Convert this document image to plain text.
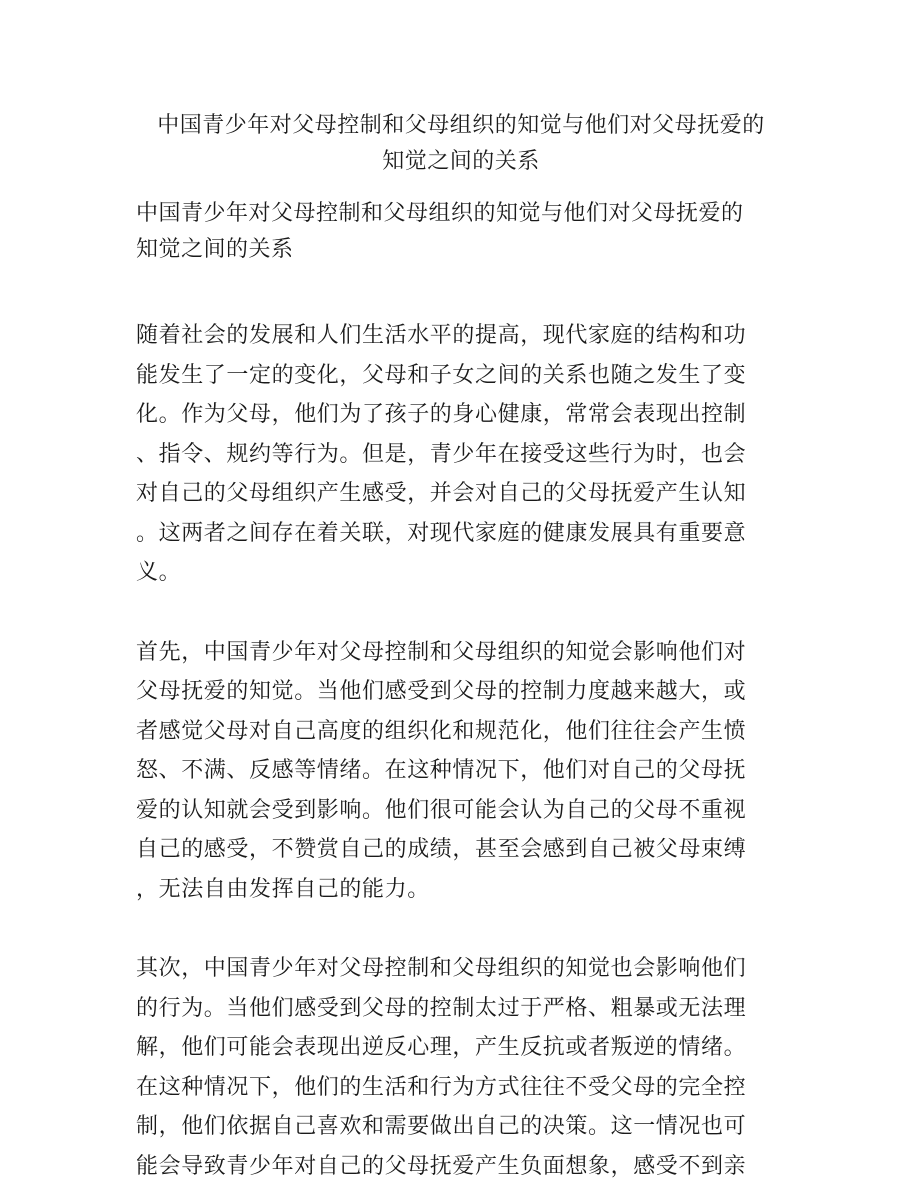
中国青少年对父母控制和父母组织的知觉与他们对父母抚爱的
知觉之间的关系
中国青少年对父母控制和父母组织的知觉与他们对父母抚爱的
知觉之间的关系

随着社会的发展和人们生活水平的提高，现代家庭的结构和功
能发生了一定的变化，父母和子女之间的关系也随之发生了变
化。作为父母，他们为了孩子的身心健康，常常会表现出控制
、指令、规约等行为。但是，青少年在接受这些行为时，也会
对自己的父母组织产生感受，并会对自己的父母抚爱产生认知
。这两者之间存在着关联，对现代家庭的健康发展具有重要意
义。

首先，中国青少年对父母控制和父母组织的知觉会影响他们对
父母抚爱的知觉。当他们感受到父母的控制力度越来越大，或
者感觉父母对自己高度的组织化和规范化，他们往往会产生愤
怒、不满、反感等情绪。在这种情况下，他们对自己的父母抚
爱的认知就会受到影响。他们很可能会认为自己的父母不重视
自己的感受，不赞赏自己的成绩，甚至会感到自己被父母束缚
，无法自由发挥自己的能力。

其次，中国青少年对父母控制和父母组织的知觉也会影响他们
的行为。当他们感受到父母的控制太过于严格、粗暴或无法理
解，他们可能会表现出逆反心理，产生反抗或者叛逆的情绪。
在这种情况下，他们的生活和行为方式往往不受父母的完全控
制，他们依据自己喜欢和需要做出自己的决策。这一情况也可
能会导致青少年对自己的父母抚爱产生负面想象，感受不到亲
